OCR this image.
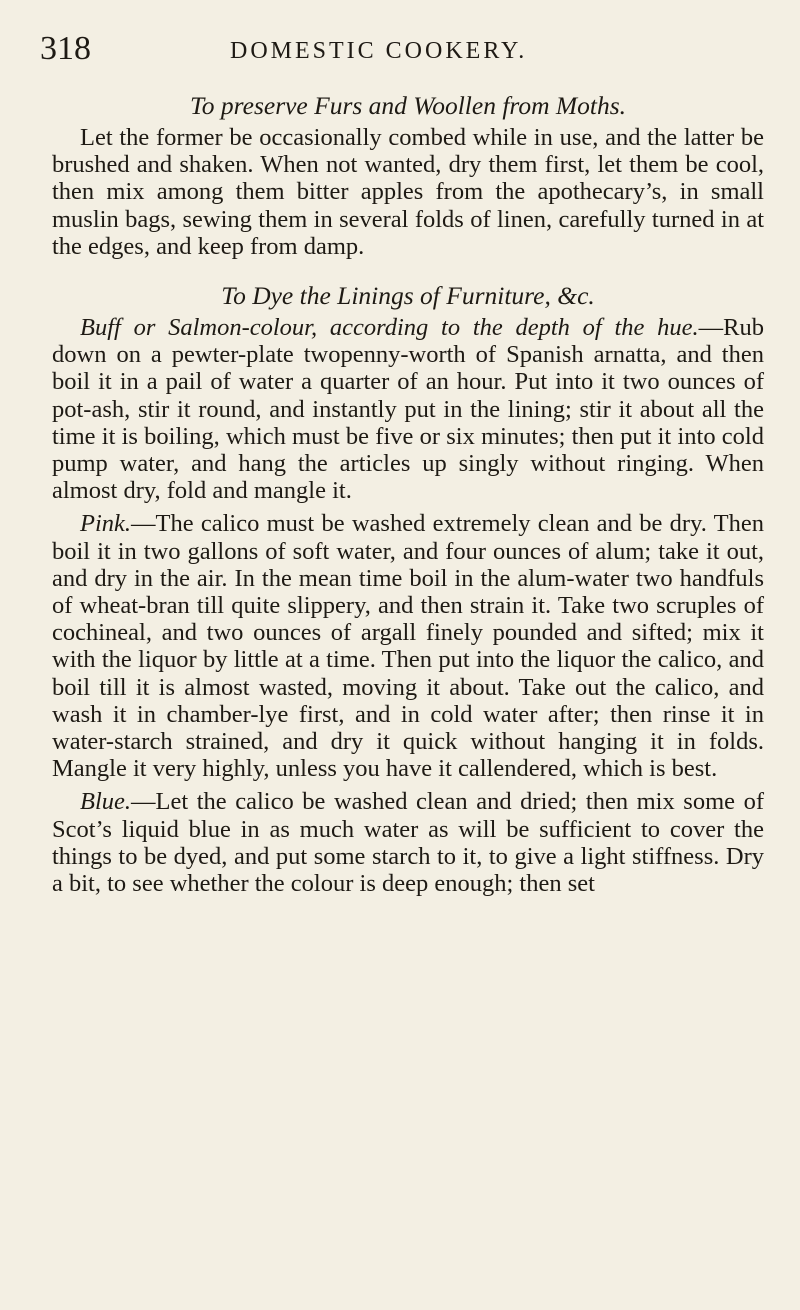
318	DOMESTIC COOKERY.
To preserve Furs and Woollen from Moths.

Let the former be occasionally combed while in use, and the latter be brushed and shaken. When not wanted, dry them first, let them be cool, then mix among them bitter apples from the apothecary’s, in small muslin bags, sewing them in several folds of linen, carefully turned in at the edges, and keep from damp.

To Dye the Linings of Furniture, &c.

Buff or Salmon-colour, according to the depth of the hue.—Rub down on a pewter-plate twopenny-worth of Spanish arnatta, and then boil it in a pail of water a quarter of an hour. Put into it two ounces of pot-ash, stir it round, and instantly put in the lining; stir it about all the time it is boiling, which must be five or six minutes; then put it into cold pump water, and hang the articles up singly without ringing. When almost dry, fold and mangle it.

Pink.—The calico must be washed extremely clean and be dry. Then boil it in two gallons of soft water, and four ounces of alum; take it out, and dry in the air. In the mean time boil in the alum-water two handfuls of wheat-bran till quite slippery, and then strain it. Take two scruples of cochineal, and two ounces of argall finely pounded and sifted; mix it with the liquor by little at a time. Then put into the liquor the calico, and boil till it is almost wasted, moving it about. Take out the calico, and wash it in chamber-lye first, and in cold water after; then rinse it in water-starch strained, and dry it quick without hanging it in folds. Mangle it very highly, unless you have it callendered, which is best.

Blue.—Let the calico be washed clean and dried; then mix some of Scot’s liquid blue in as much water as will be sufficient to cover the things to be dyed, and put some starch to it, to give a light stiffness. Dry a bit, to see whether the colour is deep enough; then set
